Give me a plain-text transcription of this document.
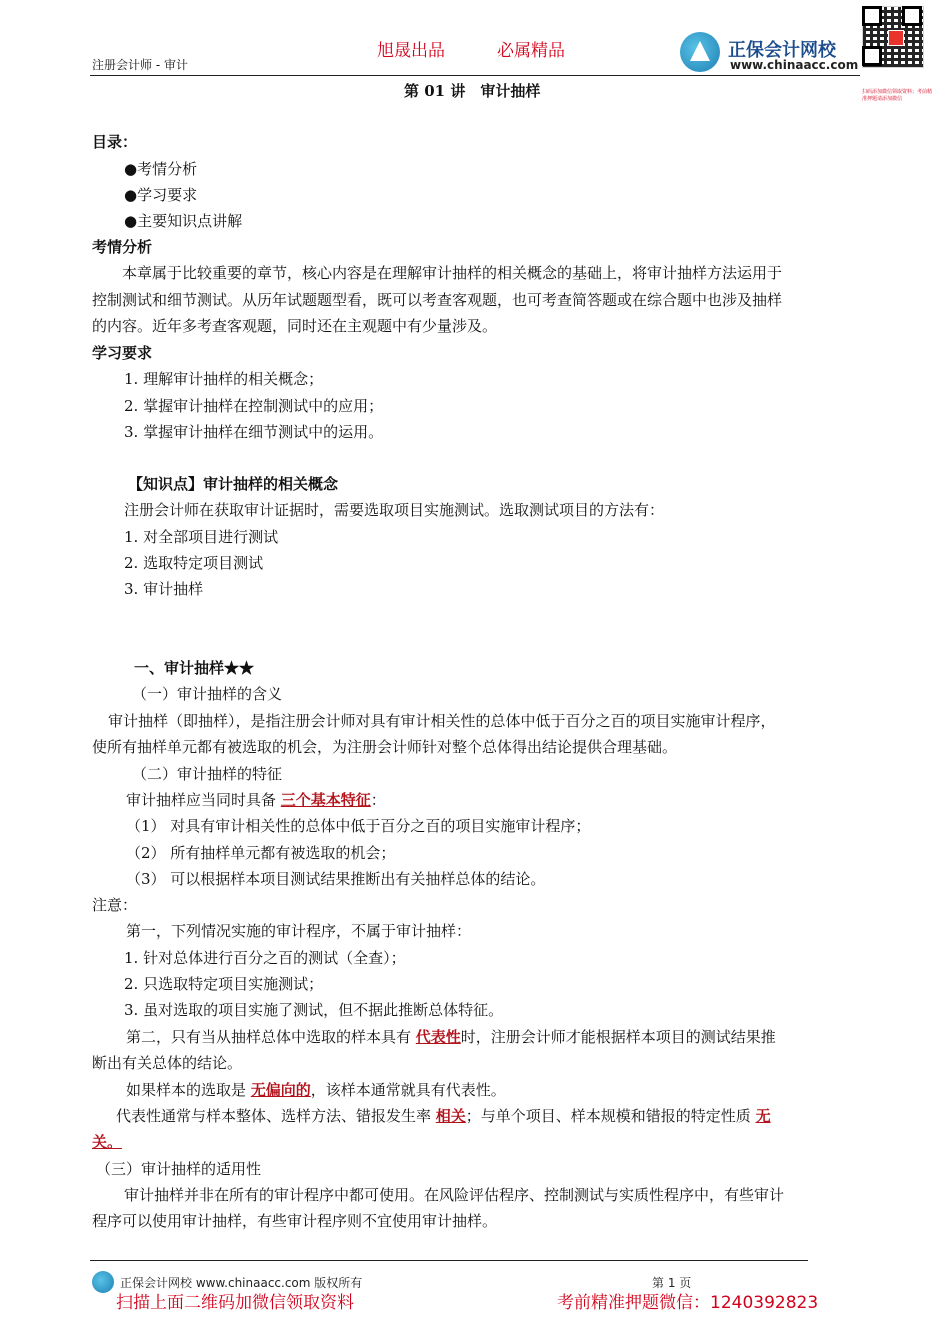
旭晟出品	必属精品
注册会计师 - 审计
正保会计网校
www.chinaacc.com
扫码添加微信领取资料；考前精准押题请添加微信
第 01 讲　审计抽样
目录：
●考情分析
●学习要求
●主要知识点讲解
考情分析
本章属于比较重要的章节，核心内容是在理解审计抽样的相关概念的基础上，将审计抽样方法运用于
控制测试和细节测试。从历年试题题型看，既可以考查客观题，也可考查简答题或在综合题中也涉及抽样
的内容。近年多考查客观题，同时还在主观题中有少量涉及。
学习要求
1. 理解审计抽样的相关概念；
2. 掌握审计抽样在控制测试中的应用；
3. 掌握审计抽样在细节测试中的运用。
【知识点】审计抽样的相关概念
注册会计师在获取审计证据时，需要选取项目实施测试。选取测试项目的方法有：
1. 对全部项目进行测试
2. 选取特定项目测试
3. 审计抽样
一、审计抽样★★
（一）审计抽样的含义
审计抽样（即抽样），是指注册会计师对具有审计相关性的总体中低于百分之百的项目实施审计程序，
使所有抽样单元都有被选取的机会，为注册会计师针对整个总体得出结论提供合理基础。
（二）审计抽样的特征
审计抽样应当同时具备 三个基本特征：
（1） 对具有审计相关性的总体中低于百分之百的项目实施审计程序；
（2） 所有抽样单元都有被选取的机会；
（3） 可以根据样本项目测试结果推断出有关抽样总体的结论。
注意：
第一，下列情况实施的审计程序，不属于审计抽样：
1. 针对总体进行百分之百的测试（全查）；
2. 只选取特定项目实施测试；
3. 虽对选取的项目实施了测试，但不据此推断总体特征。
第二，只有当从抽样总体中选取的样本具有 代表性时，注册会计师才能根据样本项目的测试结果推
断出有关总体的结论。
如果样本的选取是 无偏向的，该样本通常就具有代表性。
代表性通常与样本整体、选样方法、错报发生率 相关；与单个项目、样本规模和错报的特定性质 无
关。
（三）审计抽样的适用性
审计抽样并非在所有的审计程序中都可使用。在风险评估程序、控制测试与实质性程序中，有些审计
程序可以使用审计抽样，有些审计程序则不宜使用审计抽样。
正保会计网校 www.chinaacc.com 版权所有	第 1 页
扫描上面二维码加微信领取资料	考前精准押题微信：1240392823
